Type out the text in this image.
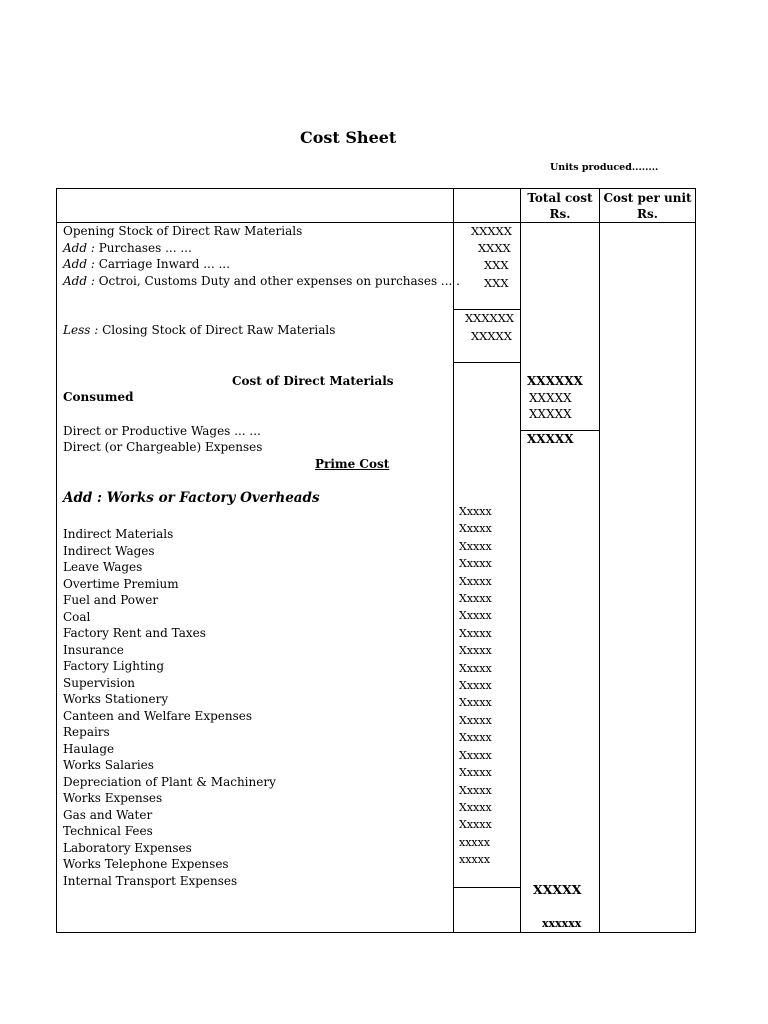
Cost Sheet
Units produced........
Total cost
Rs.
Cost per unit
Rs.
Opening Stock of Direct Raw Materials
Add : Purchases ... ...
Add : Carriage Inward ... ...
Add : Octroi, Customs Duty and other expenses on purchases ... .
XXXXX
XXXX
XXX
XXX
XXXXXX
Less : Closing Stock of Direct Raw Materials	XXXXX
Cost of Direct Materials
Consumed
XXXXXX
XXXXX
XXXXX
Direct or Productive Wages ... ...
Direct (or Chargeable) Expenses
Prime Cost
XXXXX
Add : Works or Factory Overheads
Indirect Materials
Indirect Wages
Leave Wages
Overtime Premium
Fuel and Power
Coal
Factory Rent and Taxes
Insurance
Factory Lighting
Supervision
Works Stationery
Canteen and Welfare Expenses
Repairs
Haulage
Works Salaries
Depreciation of Plant & Machinery
Works Expenses
Gas and Water
Technical Fees
Laboratory Expenses
Works Telephone Expenses
Internal Transport Expenses
Xxxxx
Xxxxx
Xxxxx
Xxxxx
Xxxxx
Xxxxx
Xxxxx
Xxxxx
Xxxxx
Xxxxx
Xxxxx
Xxxxx
Xxxxx
Xxxxx
Xxxxx
Xxxxx
Xxxxx
Xxxxx
Xxxxx
xxxxx
xxxxx
XXXXX
xxxxxx
